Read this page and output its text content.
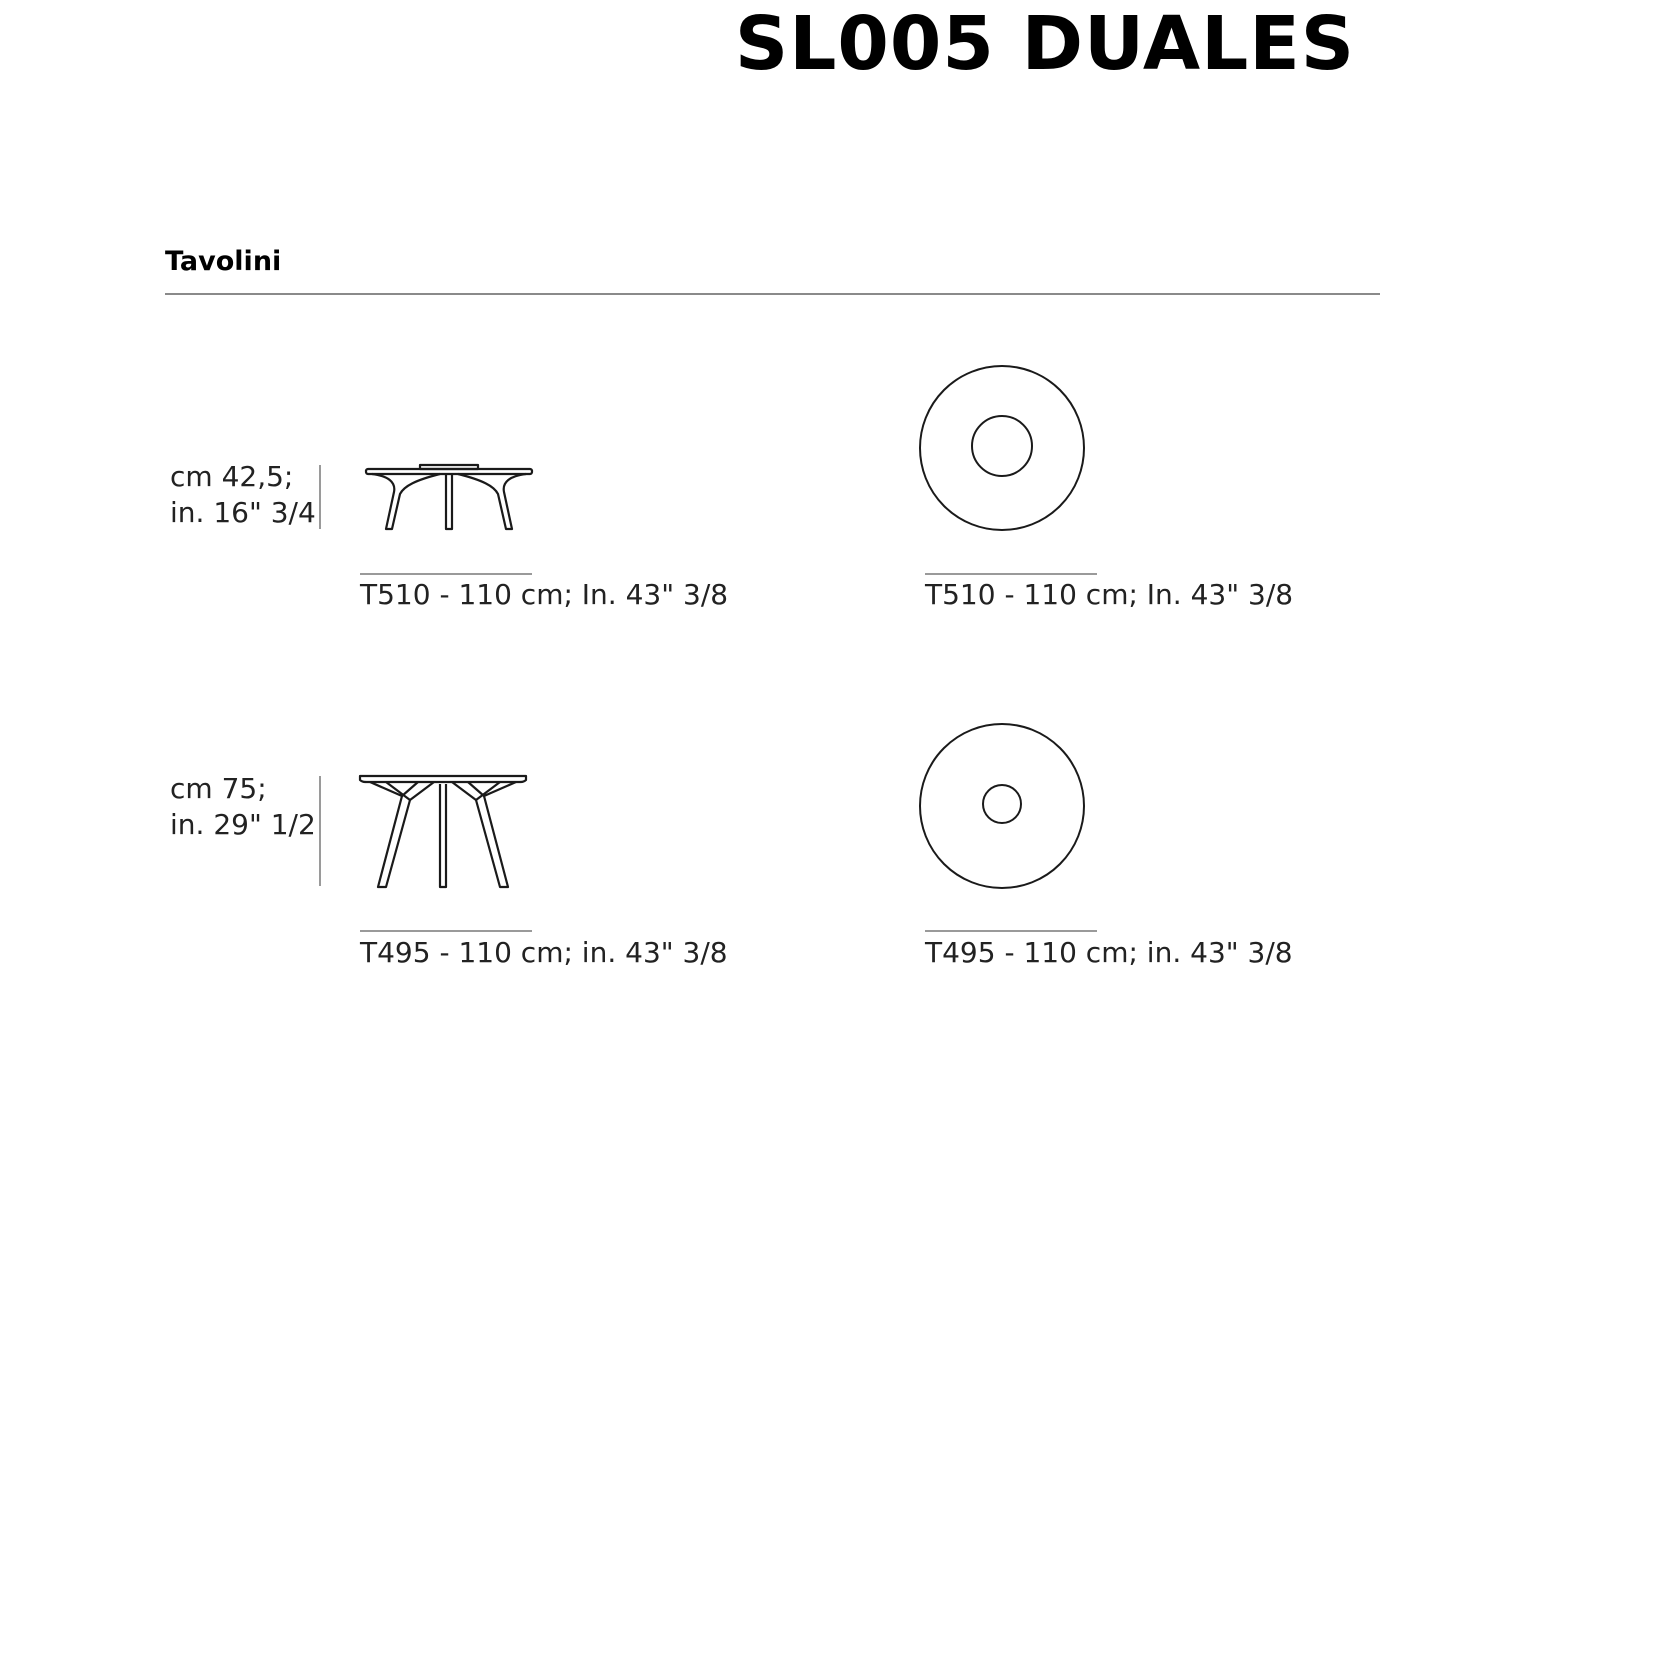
SL005 DUALES
Tavolini
cm 42,5;
in. 16" 3/4
T510 - 110 cm; In. 43" 3/8	T510 - 110 cm; In. 43" 3/8
cm 75;
in. 29" 1/2
T495 - 110 cm; in. 43" 3/8	T495 - 110 cm; in. 43" 3/8
